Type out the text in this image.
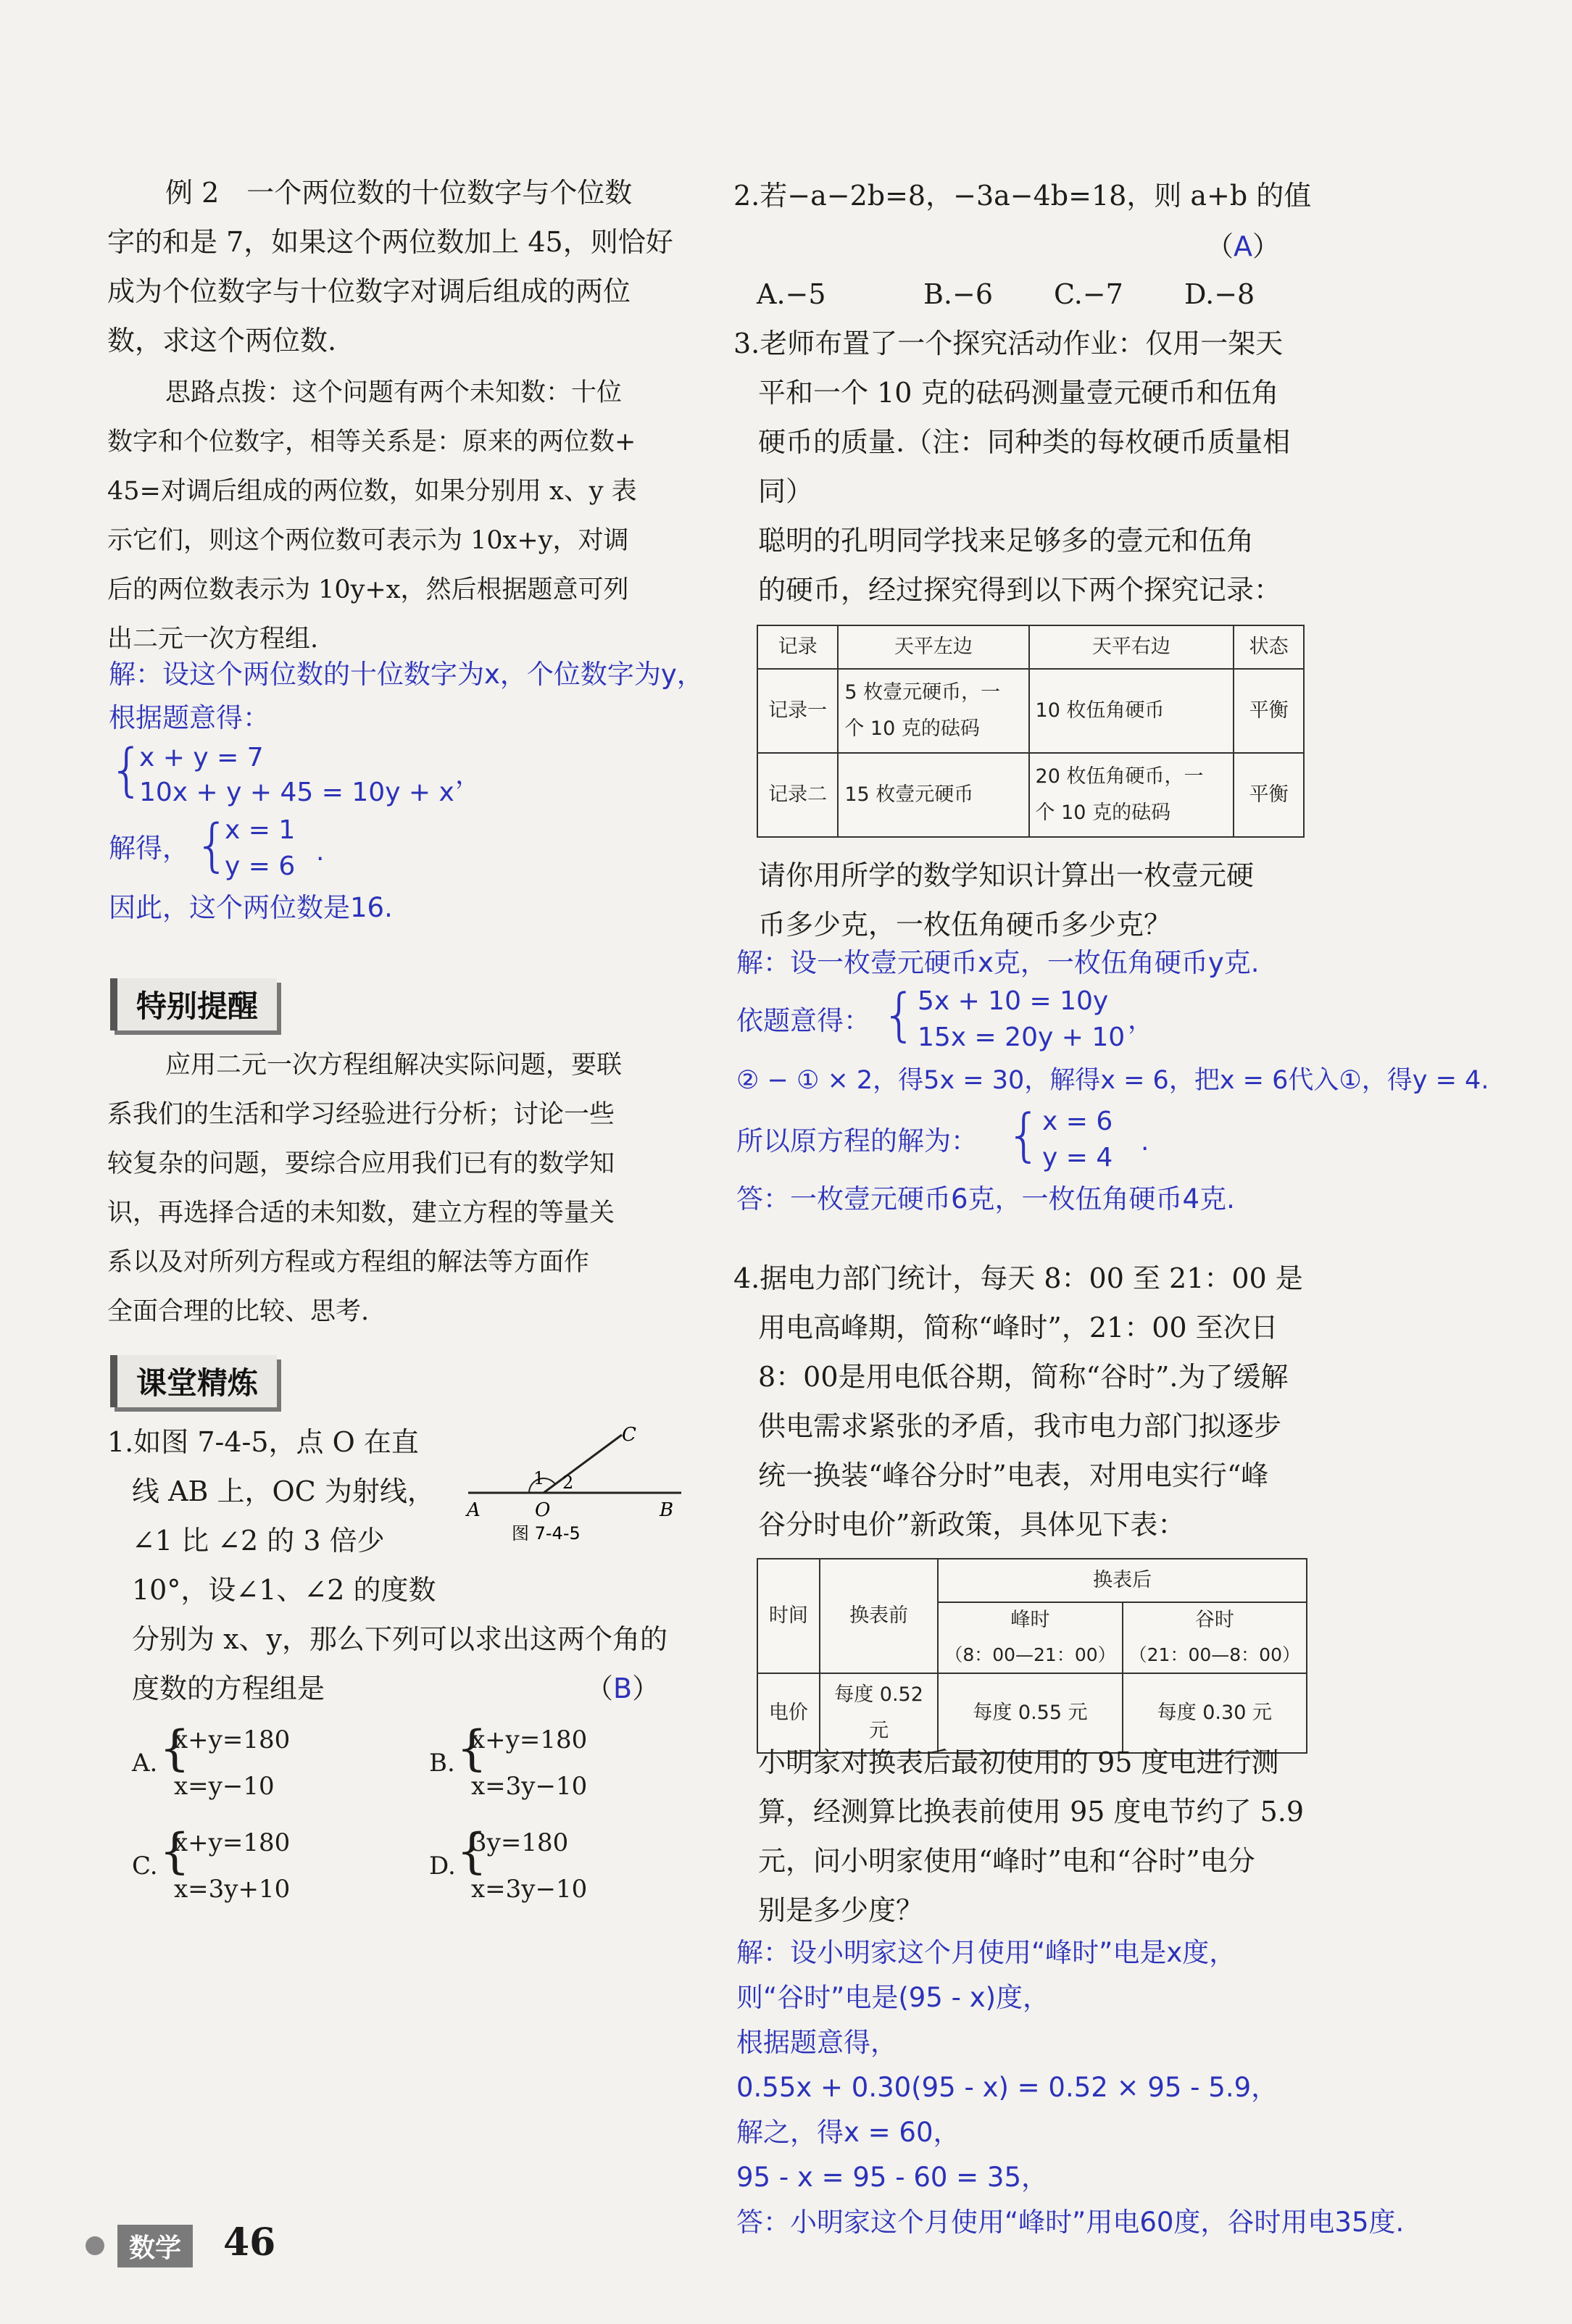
例 2　一个两位数的十位数字与个位数
字的和是 7，如果这个两位数加上 45，则恰好
成为个位数字与十位数字对调后组成的两位
数，求这个两位数.
思路点拨：这个问题有两个未知数：十位
数字和个位数字，相等关系是：原来的两位数+
45=对调后组成的两位数，如果分别用 x、y 表
示它们，则这个两位数可表示为 10x+y，对调
后的两位数表示为 10y+x，然后根据题意可列
出二元一次方程组.
解：设这个两位数的十位数字为x，个位数字为y，
根据题意得：
{
x + y = 7
10x + y + 45 = 10y + x
，
解得， {
x = 1
y = 6 .
因此，这个两位数是16.
特别提醒
应用二元一次方程组解决实际问题，要联
系我们的生活和学习经验进行分析；讨论一些
较复杂的问题，要综合应用我们已有的数学知
识，再选择合适的未知数，建立方程的等量关
系以及对所列方程或方程组的解法等方面作
全面合理的比较、思考.
课堂精炼
1.如图 7-4-5，点 O 在直
线 AB 上，OC 为射线，
∠1 比 ∠2 的 3 倍少
10°，设∠1、∠2 的度数
分别为 x、y，那么下列可以求出这两个角的
度数的方程组是	（B）
A	O	B
C
1 2
图 7-4-5
A. {
x+y=180
x=y−10
B. {
x+y=180
x=3y−10
C. {
x+y=180
x=3y+10
D. {
3y=180
x=3y−10
数学	46
2.若−a−2b=8，−3a−4b=18，则 a+b 的值
（A）
A.−5	B.−6 C.−7 D.−8
3.老师布置了一个探究活动作业：仅用一架天
平和一个 10 克的砝码测量壹元硬币和伍角
硬币的质量.（注：同种类的每枚硬币质量相
同）
聪明的孔明同学找来足够多的壹元和伍角
的硬币，经过探究得到以下两个探究记录：
记录	天平左边	天平右边	状态
记录一	5 枚壹元硬币，一
个 10 克的砝码	10 枚伍角硬币	平衡
记录二	15 枚壹元硬币	20 枚伍角硬币，一
个 10 克的砝码	平衡
请你用所学的数学知识计算出一枚壹元硬
币多少克，一枚伍角硬币多少克？
解：设一枚壹元硬币x克，一枚伍角硬币y克.
依题意得： { 5x + 10 = 10y
15x = 20y + 10
，
② − ① × 2，得5x = 30，解得x = 6，把x = 6代入①，得y = 4.
所以原方程的解为： { x = 6
y = 4
.
答：一枚壹元硬币6克，一枚伍角硬币4克.
4.据电力部门统计，每天 8：00 至 21：00 是
用电高峰期，简称“峰时”，21：00 至次日
8：00是用电低谷期，简称“谷时”.为了缓解
供电需求紧张的矛盾，我市电力部门拟逐步
统一换装“峰谷分时”电表，对用电实行“峰
谷分时电价”新政策，具体见下表：
时间	换表前	换表后	
		峰时	谷时
		（8：00—21：00）	（21：00—8：00）
电价	每度 0.52 元	每度 0.55 元	每度 0.30 元
小明家对换表后最初使用的 95 度电进行测
算，经测算比换表前使用 95 度电节约了 5.9
元，问小明家使用“峰时”电和“谷时”电分
别是多少度？
解：设小明家这个月使用“峰时”电是x度，
则“谷时”电是(95 - x)度，
根据题意得，
0.55x + 0.30(95 - x) = 0.52 × 95 - 5.9，
解之，得x = 60，
95 - x = 95 - 60 = 35，
答：小明家这个月使用“峰时”用电60度，谷时用电35度.
